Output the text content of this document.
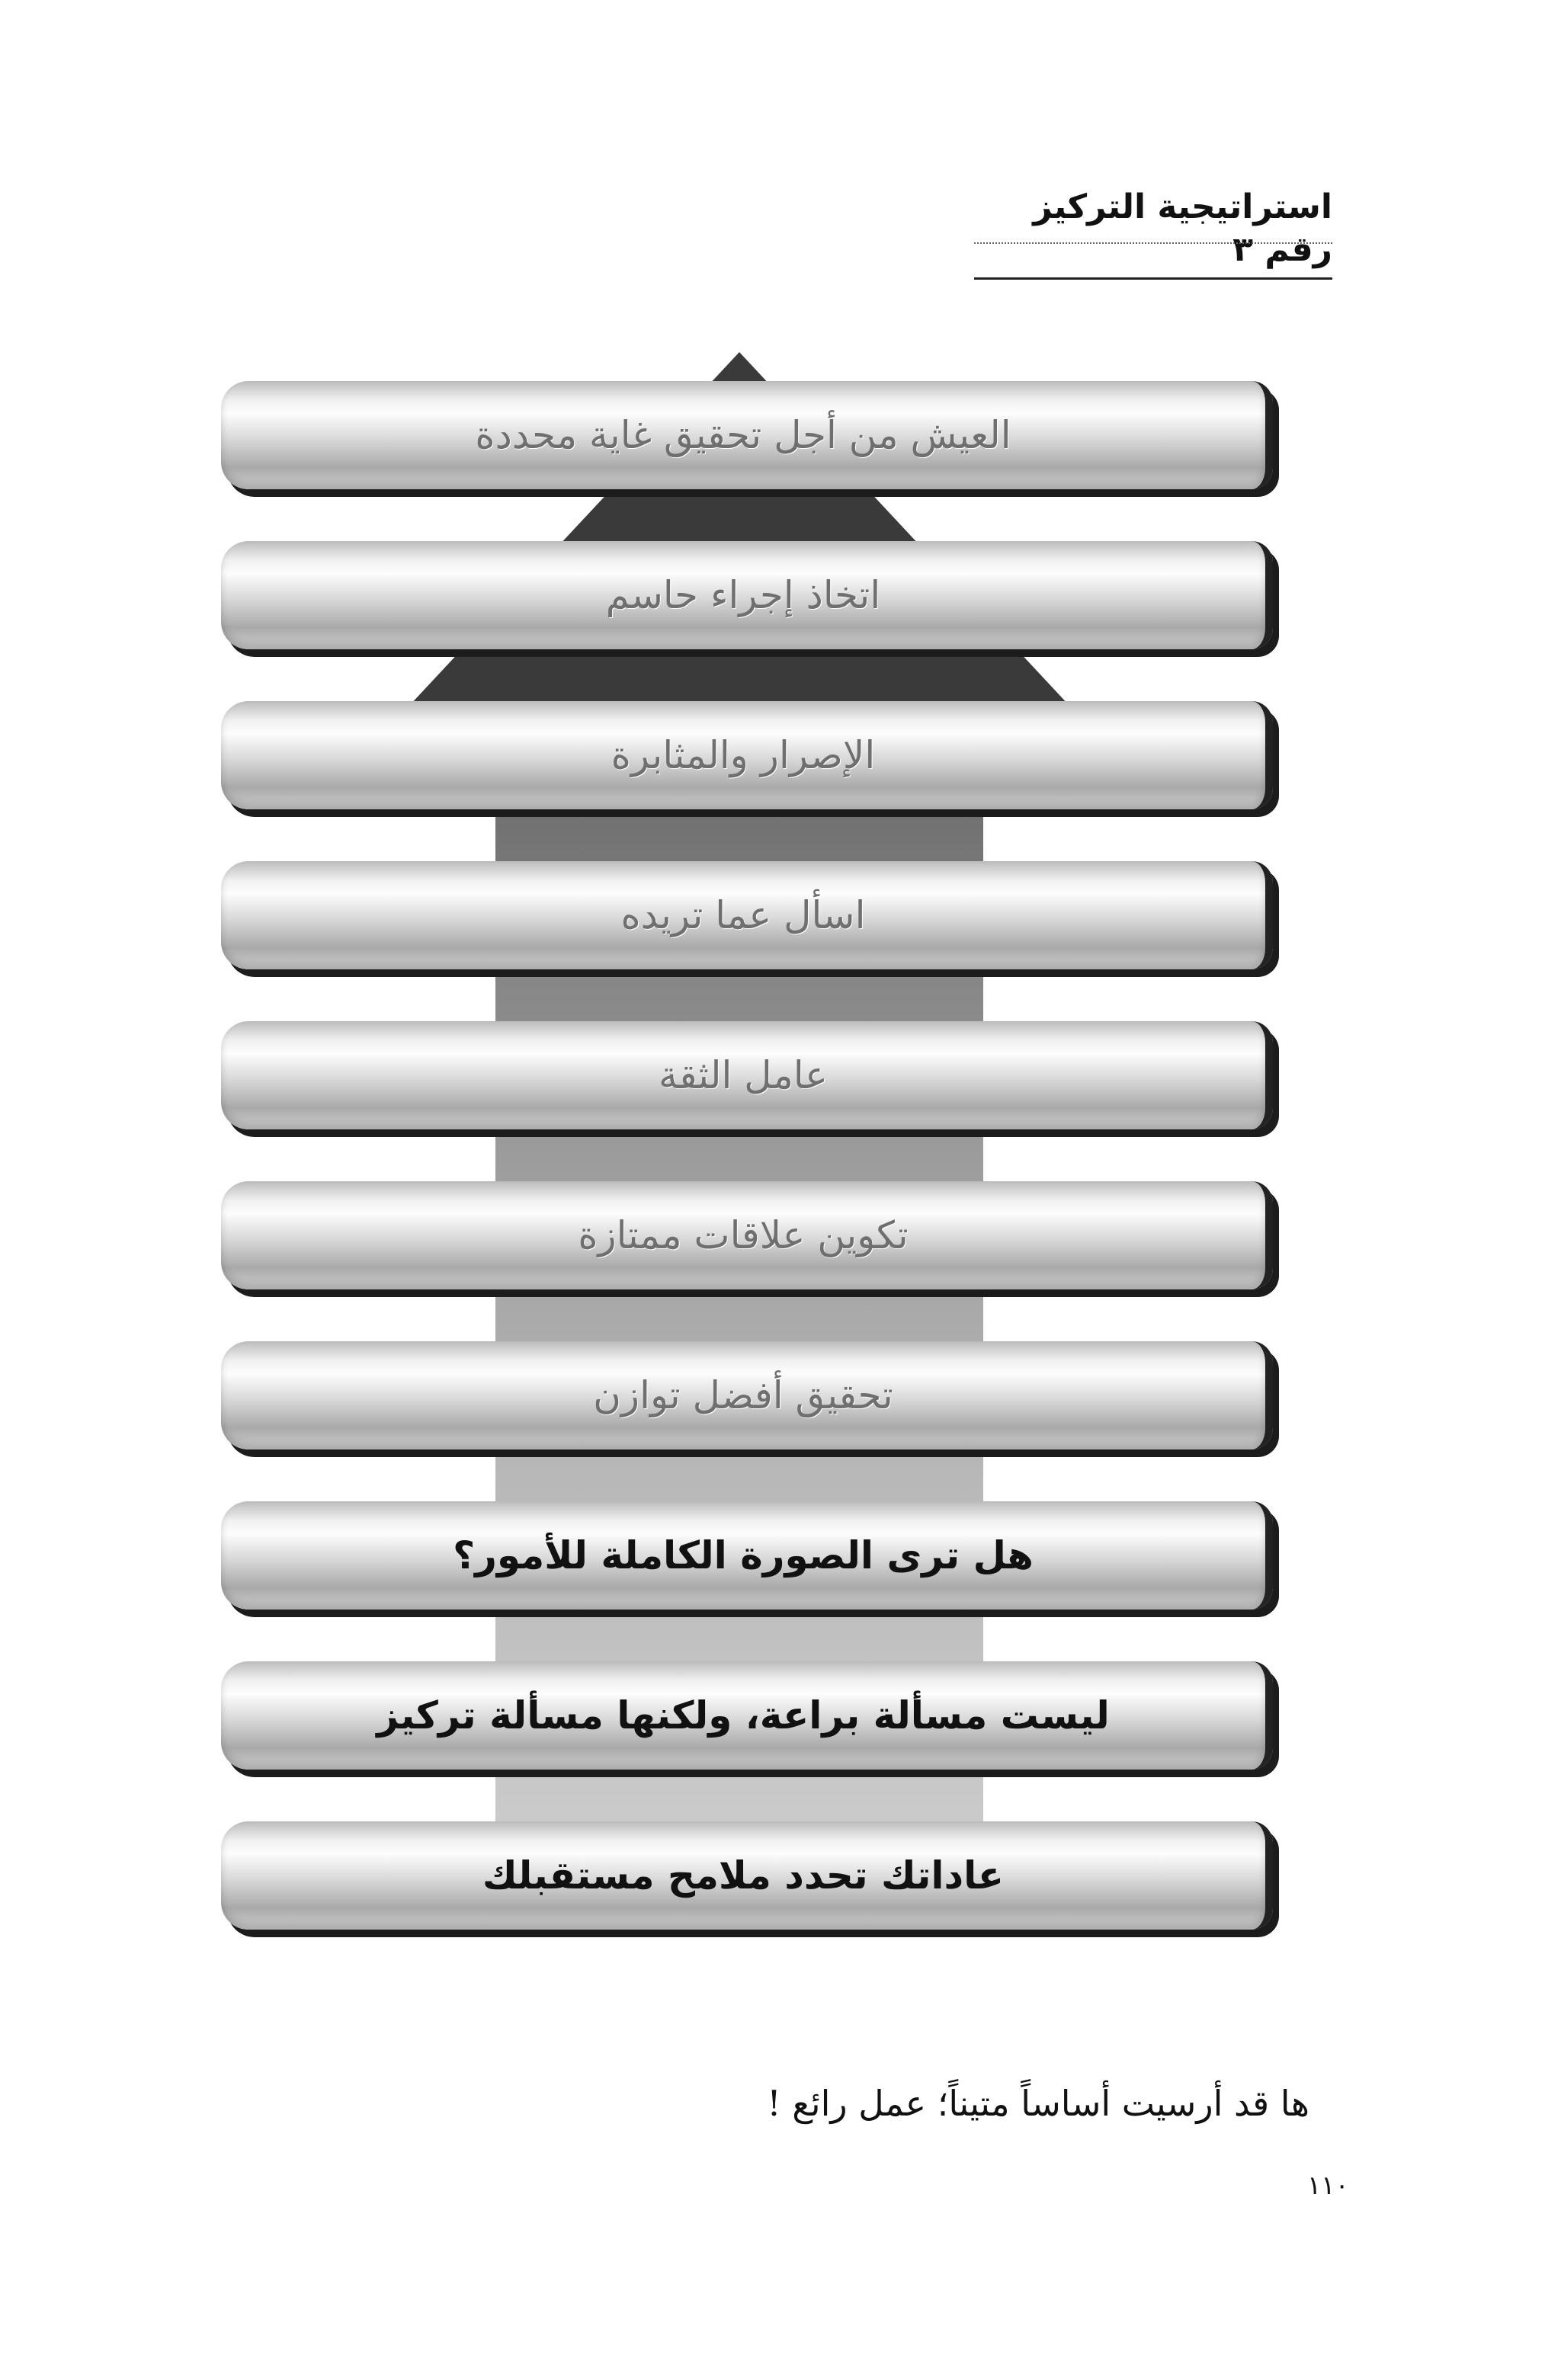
استراتيجية التركيز رقم ٣
العيش من أجل تحقيق غاية محددة
اتخاذ إجراء حاسم
الإصرار والمثابرة
اسأل عما تريده
عامل الثقة
تكوين علاقات ممتازة
تحقيق أفضل توازن
هل ترى الصورة الكاملة للأمور؟
ليست مسألة براعة، ولكنها مسألة تركيز
عاداتك تحدد ملامح مستقبلك
ها قد أرسيت أساساً متيناً؛ عمل رائع !
١١٠
